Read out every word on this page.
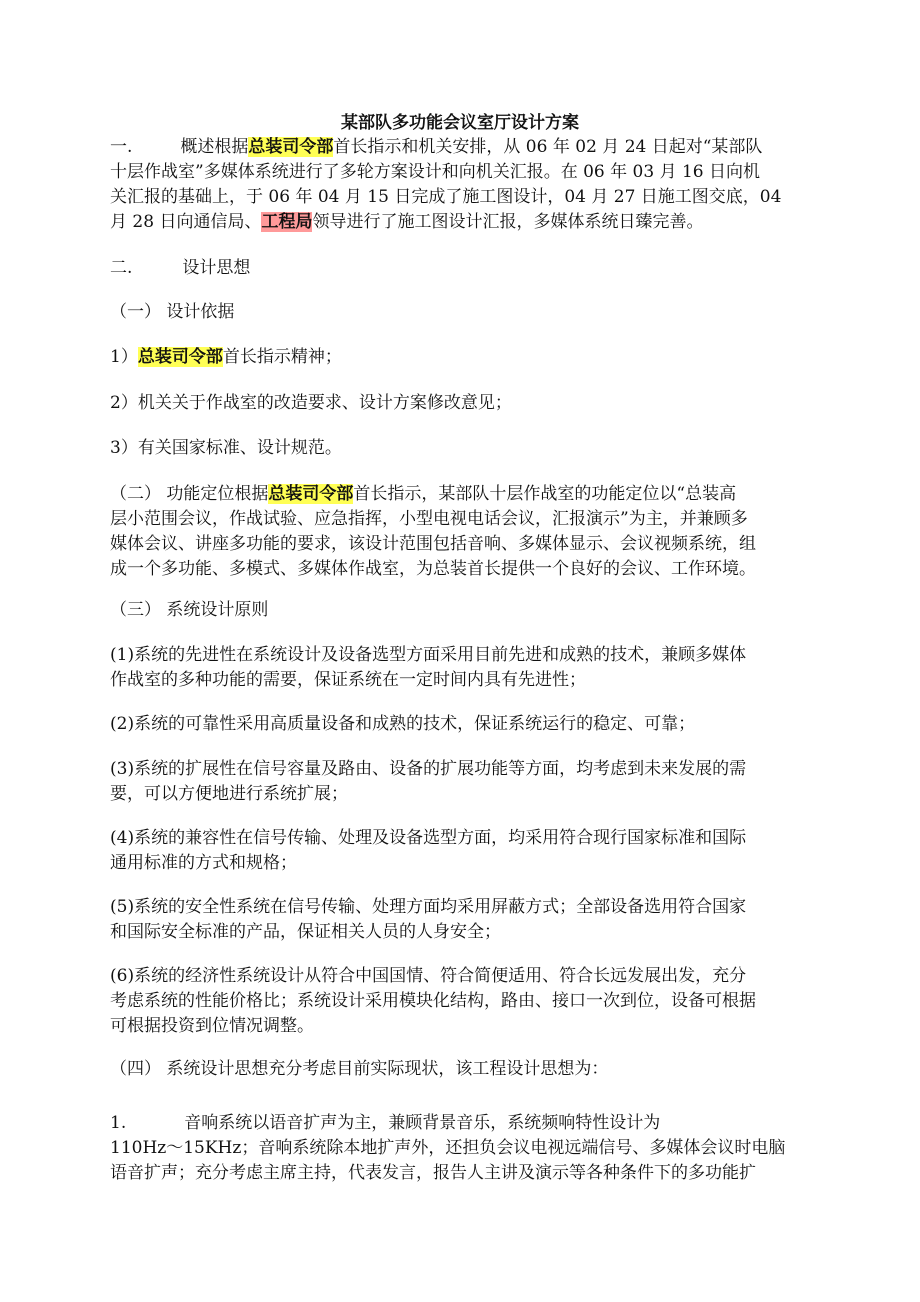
某部队多功能会议室厅设计方案
一.	概述根据总装司令部首长指示和机关安排，从 06 年 02 月 24 日起对“某部队
十层作战室”多媒体系统进行了多轮方案设计和向机关汇报。在 06 年 03 月 16 日向机
关汇报的基础上，于 06 年 04 月 15 日完成了施工图设计，04 月 27 日施工图交底，04
月 28 日向通信局、工程局领导进行了施工图设计汇报，多媒体系统日臻完善。
二.	设计思想
（一） 设计依据
1）总装司令部首长指示精神；
2）机关关于作战室的改造要求、设计方案修改意见；
3）有关国家标准、设计规范。
（二） 功能定位根据总装司令部首长指示，某部队十层作战室的功能定位以“总装高
层小范围会议，作战试验、应急指挥，小型电视电话会议，汇报演示”为主，并兼顾多
媒体会议、讲座多功能的要求，该设计范围包括音响、多媒体显示、会议视频系统，组
成一个多功能、多模式、多媒体作战室，为总装首长提供一个良好的会议、工作环境。
（三） 系统设计原则
(1)系统的先进性在系统设计及设备选型方面采用目前先进和成熟的技术，兼顾多媒体
作战室的多种功能的需要，保证系统在一定时间内具有先进性；
(2)系统的可靠性采用高质量设备和成熟的技术，保证系统运行的稳定、可靠；
(3)系统的扩展性在信号容量及路由、设备的扩展功能等方面，均考虑到未来发展的需
要，可以方便地进行系统扩展；
(4)系统的兼容性在信号传输、处理及设备选型方面，均采用符合现行国家标准和国际
通用标准的方式和规格；
(5)系统的安全性系统在信号传输、处理方面均采用屏蔽方式；全部设备选用符合国家
和国际安全标准的产品，保证相关人员的人身安全；
(6)系统的经济性系统设计从符合中国国情、符合简便适用、符合长远发展出发，充分
考虑系统的性能价格比；系统设计采用模块化结构，路由、接口一次到位，设备可根据
可根据投资到位情况调整。
（四） 系统设计思想充分考虑目前实际现状，该工程设计思想为：
1.	音响系统以语音扩声为主，兼顾背景音乐，系统频响特性设计为
110Hz～15KHz；音响系统除本地扩声外，还担负会议电视远端信号、多媒体会议时电脑
语音扩声；充分考虑主席主持，代表发言，报告人主讲及演示等各种条件下的多功能扩
